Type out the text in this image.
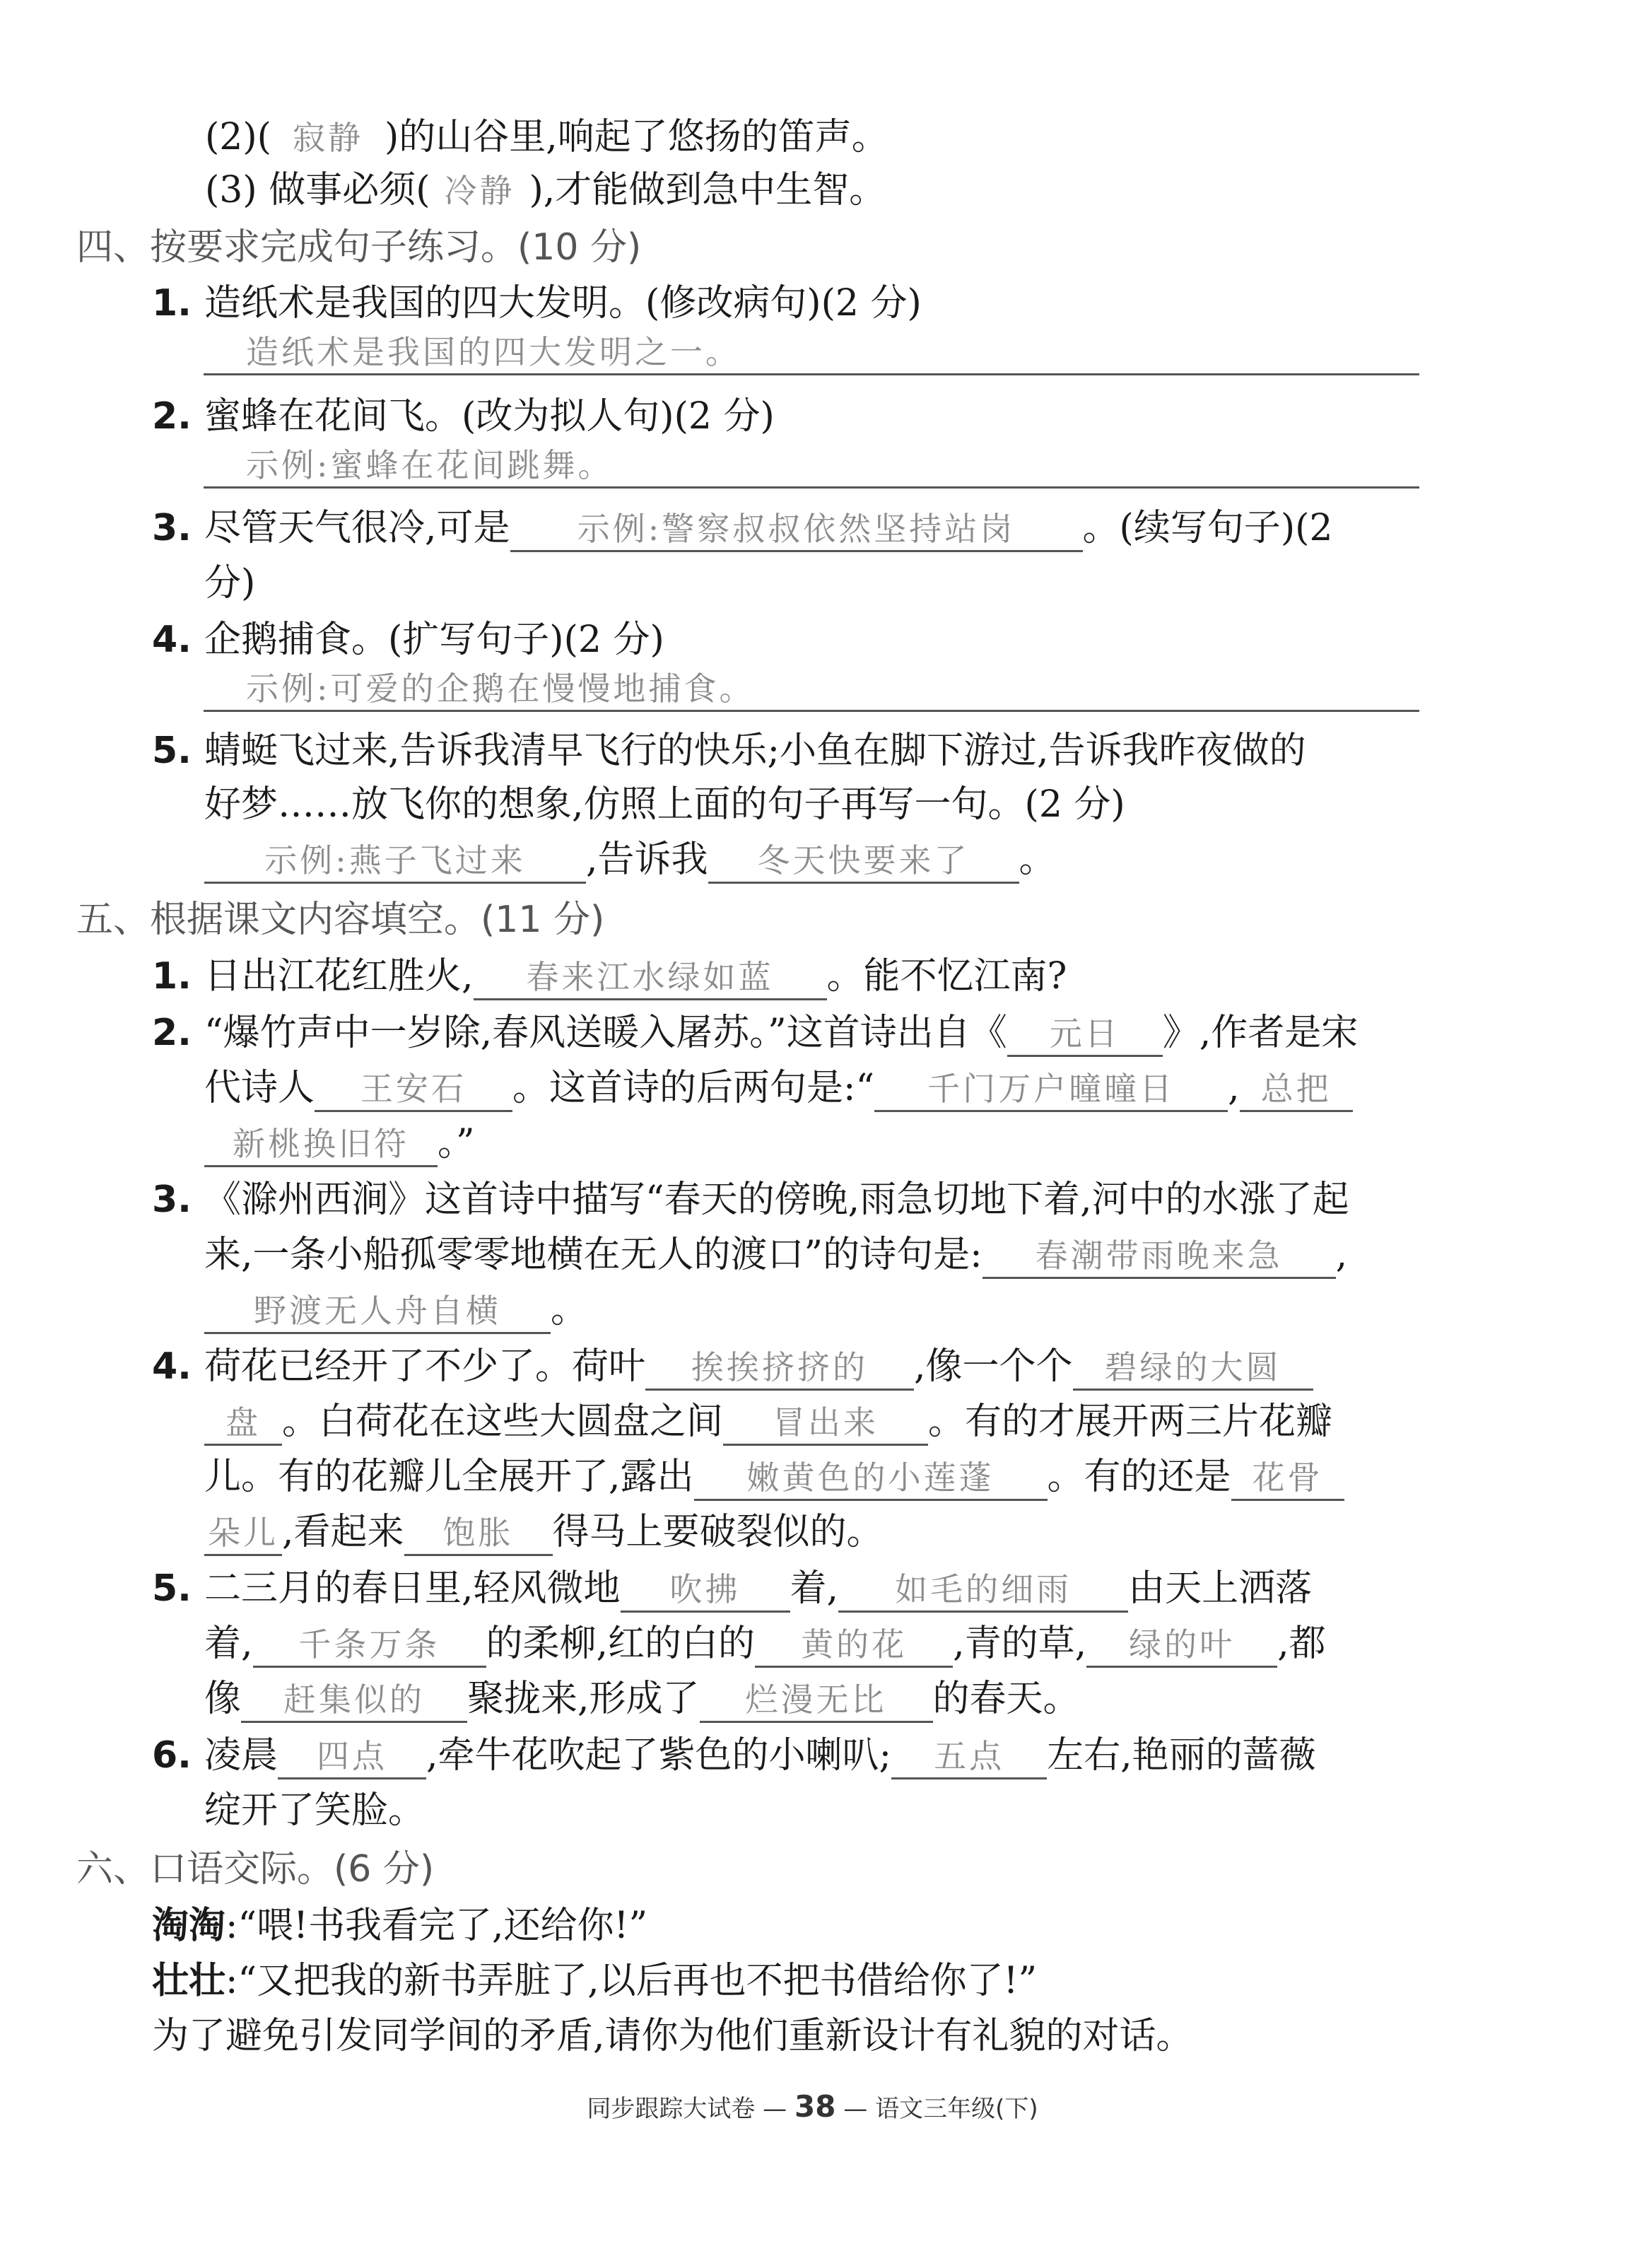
(2)( 寂静 )的山谷里,响起了悠扬的笛声。
(3) 做事必须( 冷静 ),才能做到急中生智。
四、按要求完成句子练习。(10 分)
1. 造纸术是我国的四大发明。(修改病句)(2 分)
造纸术是我国的四大发明之一。
2. 蜜蜂在花间飞。(改为拟人句)(2 分)
示例:蜜蜂在花间跳舞。
3. 尽管天气很冷,可是 示例:警察叔叔依然坚持站岗 。(续写句子)(2
分)
4. 企鹅捕食。(扩写句子)(2 分)
示例:可爱的企鹅在慢慢地捕食。
5. 蜻蜓飞过来,告诉我清早飞行的快乐;小鱼在脚下游过,告诉我昨夜做的
好梦……放飞你的想象,仿照上面的句子再写一句。(2 分)
示例:燕子飞过来 ,告诉我 冬天快要来了 。
五、根据课文内容填空。(11 分)
1. 日出江花红胜火, 春来江水绿如蓝 。能不忆江南?
2. “爆竹声中一岁除,春风送暖入屠苏。”这首诗出自《 元日 》,作者是宋
代诗人 王安石 。这首诗的后两句是:“ 千门万户曈曈日 , 总把
新桃换旧符 。”
3. 《滁州西涧》这首诗中描写“春天的傍晚,雨急切地下着,河中的水涨了起
来,一条小船孤零零地横在无人的渡口”的诗句是: 春潮带雨晚来急 ,
野渡无人舟自横 。
4. 荷花已经开了不少了。荷叶 挨挨挤挤的 ,像一个个 碧绿的大圆
盘 。白荷花在这些大圆盘之间 冒出来 。有的才展开两三片花瓣
儿。有的花瓣儿全展开了,露出 嫩黄色的小莲蓬 。有的还是 花骨
朵儿,看起来 饱胀 得马上要破裂似的。
5. 二三月的春日里,轻风微地 吹拂 着, 如毛的细雨 由天上洒落
着, 千条万条 的柔柳,红的白的 黄的花 ,青的草, 绿的叶 ,都
像 赶集似的 聚拢来,形成了 烂漫无比 的春天。
6. 凌晨 四点 ,牵牛花吹起了紫色的小喇叭; 五点 左右,艳丽的蔷薇
绽开了笑脸。
六、口语交际。(6 分)
淘淘:“喂!书我看完了,还给你!”
壮壮:“又把我的新书弄脏了,以后再也不把书借给你了!”
为了避免引发同学间的矛盾,请你为他们重新设计有礼貌的对话。
同步跟踪大试卷 — 38 — 语文三年级(下)
